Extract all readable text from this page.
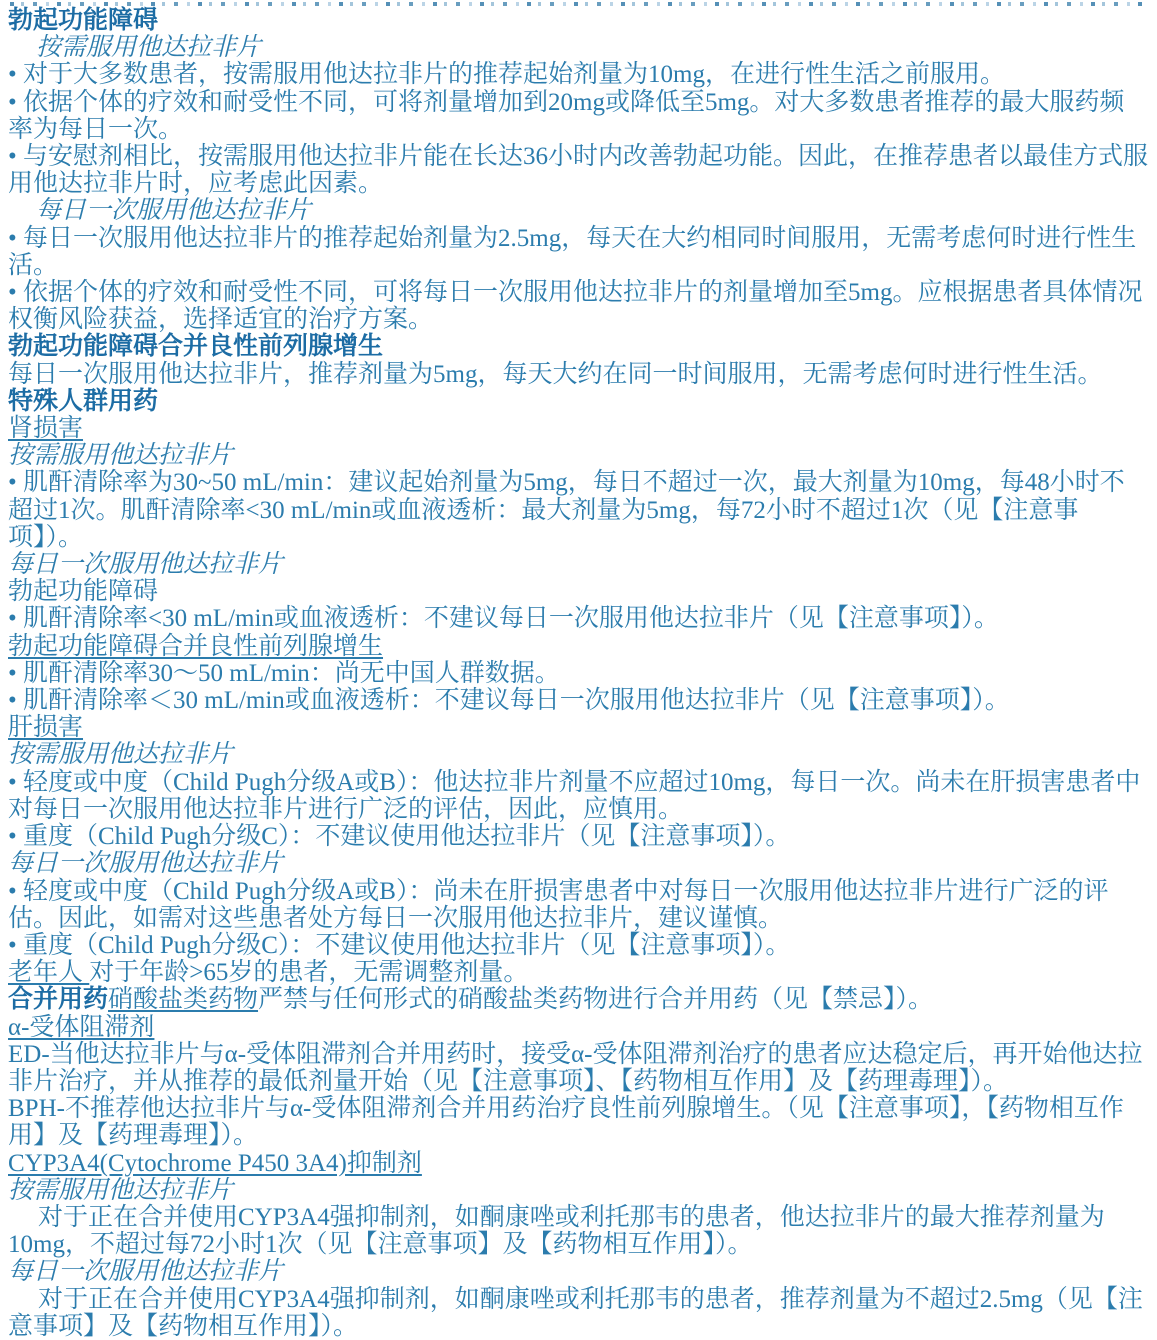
勃起功能障碍

按需服用他达拉非片

• 对于大多数患者，按需服用他达拉非片的推荐起始剂量为10mg，在进行性生活之前服用。

• 依据个体的疗效和耐受性不同，可将剂量增加到20mg或降低至5mg。对大多数患者推荐的最大服药频率为每日一次。

• 与安慰剂相比，按需服用他达拉非片能在长达36小时内改善勃起功能。因此，在推荐患者以最佳方式服用他达拉非片时，应考虑此因素。

每日一次服用他达拉非片

• 每日一次服用他达拉非片的推荐起始剂量为2.5mg，每天在大约相同时间服用，无需考虑何时进行性生活。

• 依据个体的疗效和耐受性不同，可将每日一次服用他达拉非片的剂量增加至5mg。应根据患者具体情况权衡风险获益，选择适宜的治疗方案。

勃起功能障碍合并良性前列腺增生

每日一次服用他达拉非片，推荐剂量为5mg，每天大约在同一时间服用，无需考虑何时进行性生活。

特殊人群用药

肾损害

按需服用他达拉非片

• 肌酐清除率为30~50 mL/min：建议起始剂量为5mg，每日不超过一次，最大剂量为10mg，每48小时不超过1次。肌酐清除率<30 mL/min或血液透析：最大剂量为5mg，每72小时不超过1次（见【注意事项】）。

每日一次服用他达拉非片

勃起功能障碍

• 肌酐清除率<30 mL/min或血液透析：不建议每日一次服用他达拉非片（见【注意事项】）。

勃起功能障碍合并良性前列腺增生

• 肌酐清除率30～50 mL/min：尚无中国人群数据。

• 肌酐清除率＜30 mL/min或血液透析：不建议每日一次服用他达拉非片（见【注意事项】）。

肝损害

按需服用他达拉非片

• 轻度或中度（Child Pugh分级A或B）：他达拉非片剂量不应超过10mg，每日一次。尚未在肝损害患者中对每日一次服用他达拉非片进行广泛的评估，因此，应慎用。

• 重度（Child Pugh分级C）：不建议使用他达拉非片（见【注意事项】）。

每日一次服用他达拉非片

• 轻度或中度（Child Pugh分级A或B）：尚未在肝损害患者中对每日一次服用他达拉非片进行广泛的评估。因此，如需对这些患者处方每日一次服用他达拉非片，建议谨慎。

• 重度（Child Pugh分级C）：不建议使用他达拉非片（见【注意事项】）。

老年人 对于年龄>65岁的患者，无需调整剂量。

合并用药硝酸盐类药物严禁与任何形式的硝酸盐类药物进行合并用药（见【禁忌】）。

α-受体阻滞剂

ED-当他达拉非片与α-受体阻滞剂合并用药时，接受α-受体阻滞剂治疗的患者应达稳定后，再开始他达拉非片治疗，并从推荐的最低剂量开始（见【注意事项】、【药物相互作用】及【药理毒理】）。

BPH-不推荐他达拉非片与α-受体阻滞剂合并用药治疗良性前列腺增生。（见【注意事项】，【药物相互作用】及【药理毒理】）。

CYP3A4(Cytochrome P450 3A4)抑制剂

按需服用他达拉非片

对于正在合并使用CYP3A4强抑制剂，如酮康唑或利托那韦的患者，他达拉非片的最大推荐剂量为10mg，不超过每72小时1次（见【注意事项】及【药物相互作用】）。

每日一次服用他达拉非片

对于正在合并使用CYP3A4强抑制剂，如酮康唑或利托那韦的患者，推荐剂量为不超过2.5mg（见【注意事项】及【药物相互作用】）。
